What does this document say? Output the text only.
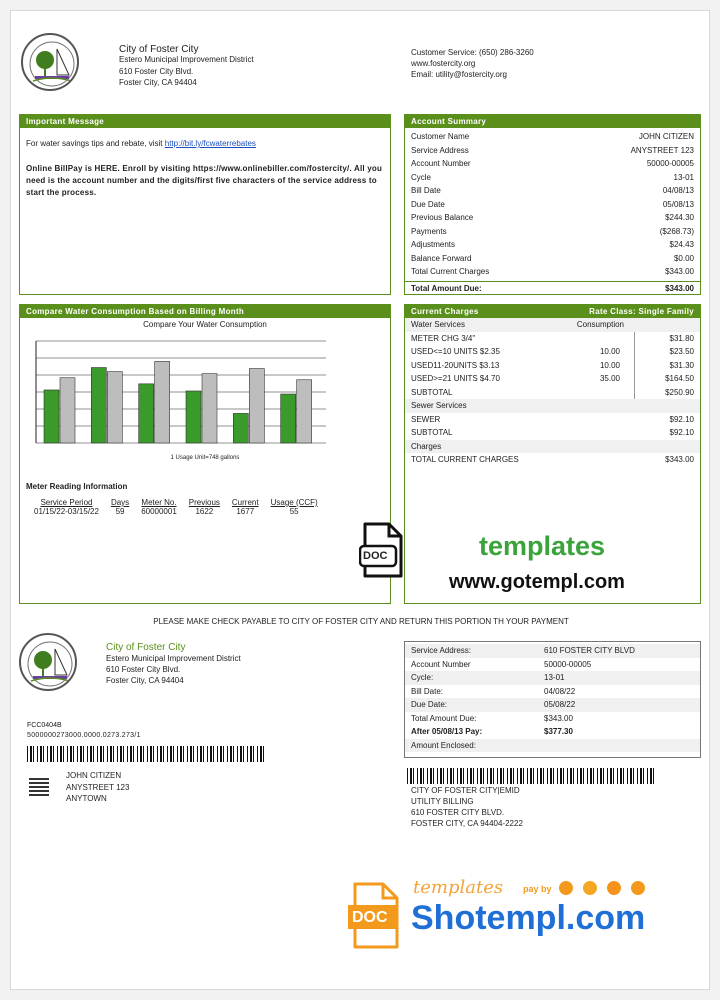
City of Foster City
Estero Municipal Improvement District
610 Foster City Blvd.
Foster City, CA 94404
Customer Service: (650) 286-3260
www.fostercity.org
Email: utility@fostercity.org
Important Message
For water savings tips and rebate, visit http://bit.ly/fcwaterrebates
Online BillPay is HERE. Enroll by visiting https://www.onlinebiller.com/fostercity/. All you need is the account number and the digits/first five characters of the service address to start the process.
Account Summary
Customer Name	JOHN CITIZEN
Service Address	ANYSTREET 123
Account Number	50000-00005
Cycle	13-01
Bill Date	04/08/13
Due Date	05/08/13
Previous Balance	$244.30
Payments	($268.73)
Adjustments	$24.43
Balance Forward	$0.00
Total Current Charges	$343.00
Total Amount Due:	$343.00
Compare Water Consumption Based on Billing Month
Compare Your Water Consumption
1 Usage Unit=748 gallons
Meter Reading Information
Service Period	Days	Meter No.	Previous	Current	Usage (CCF)
01/15/22-03/15/22	59	60000001	1622	1677	55
Current Charges	Rate Class: Single Family
Water Services	Consumption
METER CHG 3/4"	$31.80
USED<=10 UNITS $2.35	10.00	$23.50
USED11-20UNITS $3.13	10.00	$31.30
USED>=21 UNITS $4.70	35.00	$164.50
SUBTOTAL	$250.90
Sewer Services
SEWER	$92.10
SUBTOTAL	$92.10
Charges
TOTAL CURRENT CHARGES	$343.00
DOC	templates
www.gotempl.com
PLEASE MAKE CHECK PAYABLE TO CITY OF FOSTER CITY AND RETURN THIS PORTION TH YOUR PAYMENT
City of Foster City
Estero Municipal Improvement District
610 Foster City Blvd.
Foster City, CA 94404
FCC0404B
5000000273000.0000.0273.273/1
JOHN CITIZEN
ANYSTREET 123
ANYTOWN
Service Address:	610 FOSTER CITY BLVD
Account Number	50000-00005
Cycle:	13-01
Bill Date:	04/08/22
Due Date:	05/08/22
Total Amount Due:	$343.00
After 05/08/13 Pay:	$377.30
Amount Enclosed:
CITY OF FOSTER CITY|EMID
UTILITY BILLING
610 FOSTER CITY BLVD.
FOSTER CITY, CA 94404-2222
DOC
templates pay by
Shotempl.com
